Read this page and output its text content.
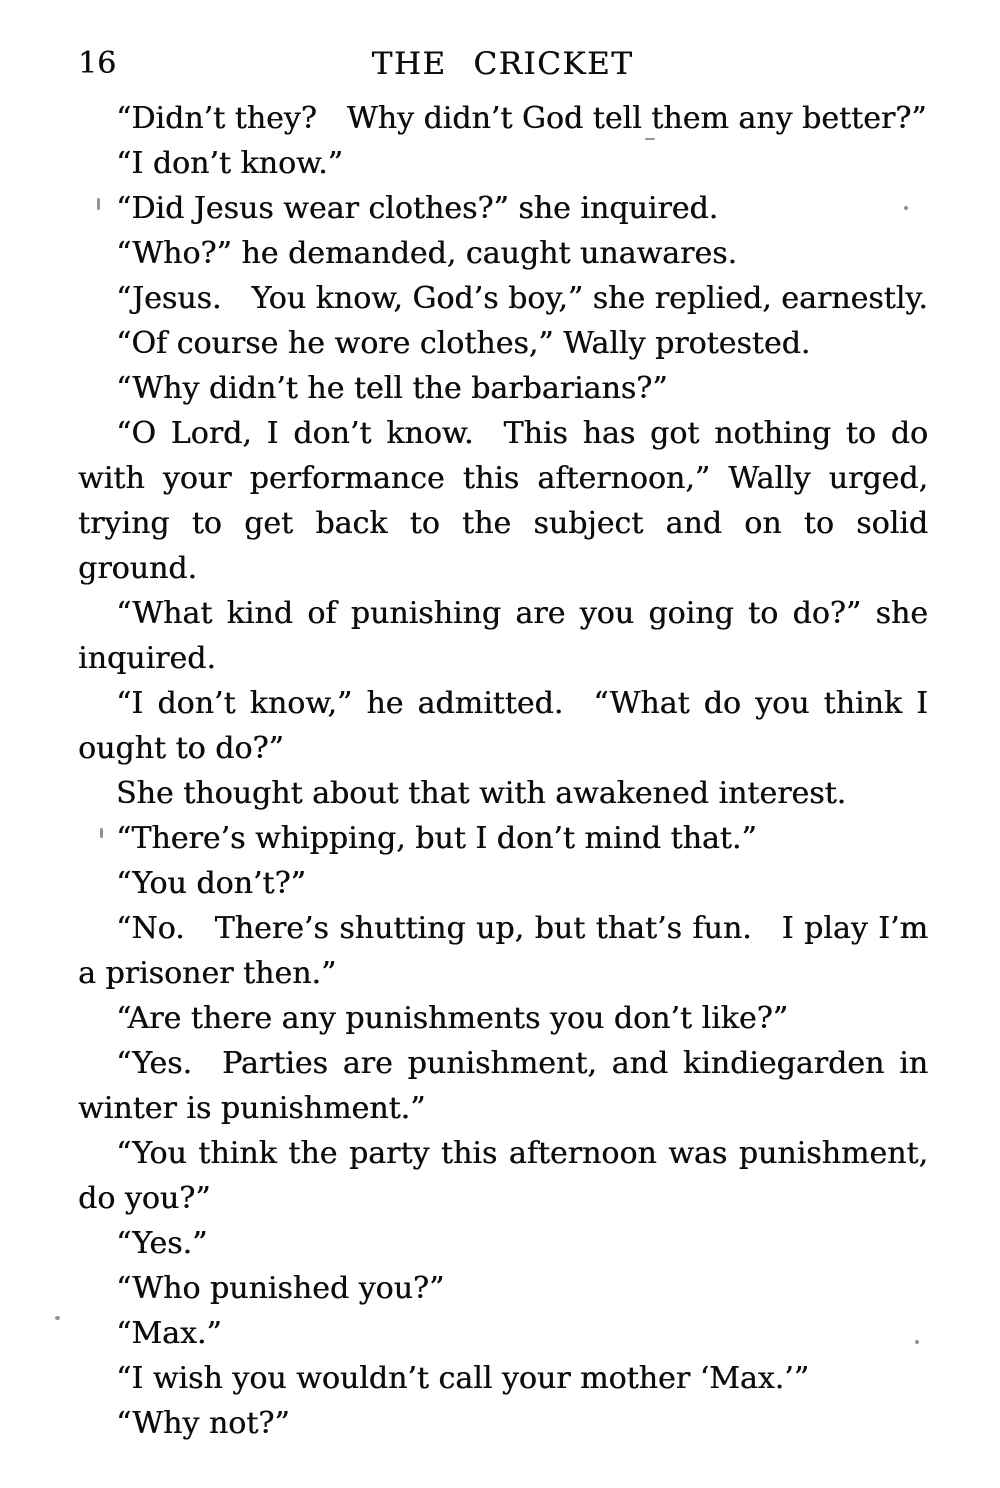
16	THE CRICKET

“Didn’t they? Why didn’t God tell them any better?”

“I don’t know.”

“Did Jesus wear clothes?” she inquired.

“Who?” he demanded, caught unawares.

“Jesus. You know, God’s boy,” she replied, earnestly.

“Of course he wore clothes,” Wally protested.

“Why didn’t he tell the barbarians?”

“O Lord, I don’t know. This has got nothing to do with your performance this afternoon,” Wally urged, trying to get back to the subject and on to solid ground.

“What kind of punishing are you going to do?” she inquired.

“I don’t know,” he admitted. “What do you think I ought to do?”

She thought about that with awakened interest.

“There’s whipping, but I don’t mind that.”

“You don’t?”

“No. There’s shutting up, but that’s fun. I play I’m a prisoner then.”

“Are there any punishments you don’t like?”

“Yes. Parties are punishment, and kindiegarden in winter is punishment.”

“You think the party this afternoon was punishment, do you?”

“Yes.”

“Who punished you?”

“Max.”

“I wish you wouldn’t call your mother ‘Max.’”

“Why not?”
